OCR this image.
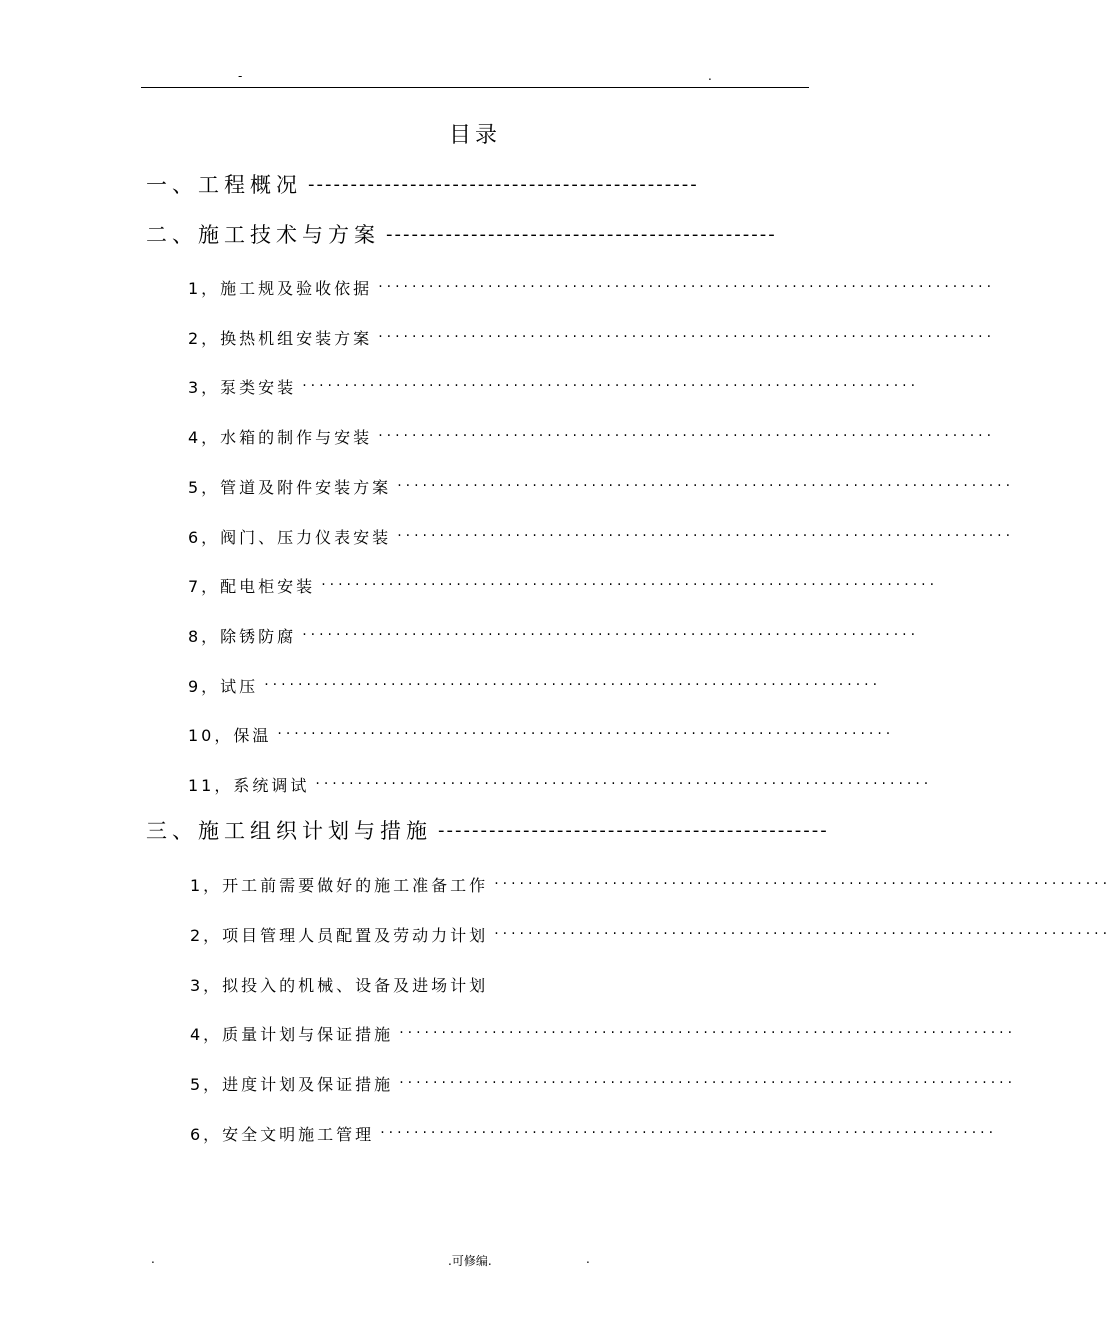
-	.
目录
一、工程概况 ----------------------------------------------
二、施工技术与方案 ----------------------------------------------
1，施工规及验收依据 ·········································································
2，换热机组安装方案 ·········································································
3，泵类安装 ·········································································
4，水箱的制作与安装 ·········································································
5，管道及附件安装方案 ·········································································
6，阀门、压力仪表安装 ·········································································
7，配电柜安装 ·········································································
8，除锈防腐 ·········································································
9，试压 ·········································································
10，保温 ·········································································
11，系统调试 ·········································································
三、施工组织计划与措施 ----------------------------------------------
1，开工前需要做好的施工准备工作 ·········································································
2，项目管理人员配置及劳动力计划 ·········································································
3，拟投入的机械、设备及进场计划
4，质量计划与保证措施 ·········································································
5，进度计划及保证措施 ·········································································
6，安全文明施工管理 ·········································································
.	.可修编.	.
